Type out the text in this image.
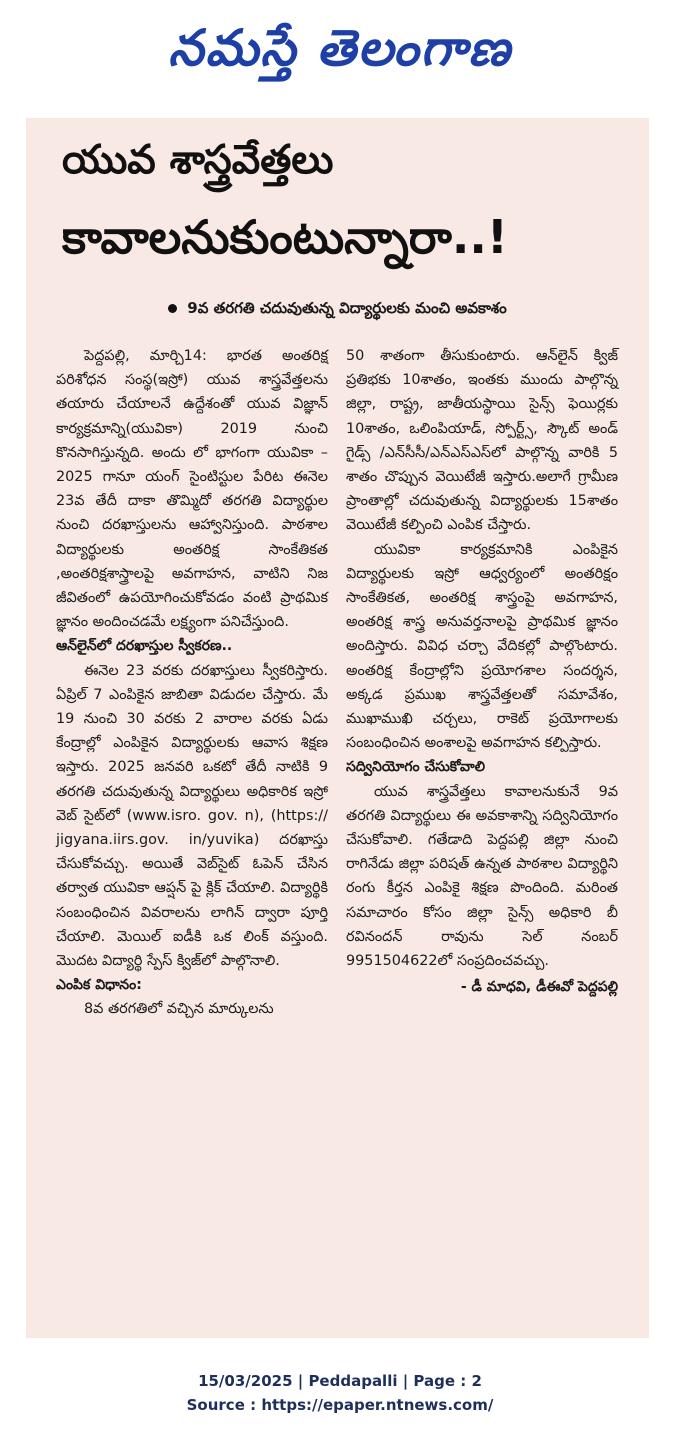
నమస్తే తెలంగాణ
యువ శాస్త్రవేత్తలు
కావాలనుకుంటున్నారా..!
9వ తరగతి చదువుతున్న విద్యార్థులకు మంచి అవకాశం

పెద్దపల్లి, మార్చి14: భారత అంతరిక్ష పరిశోధన సంస్థ(ఇస్రో) యువ శాస్త్రవేత్తలను తయారు చేయాలనే ఉద్దేశంతో యువ విజ్ఞాన్ కార్యక్రమాన్ని(యువికా) 2019 నుంచి కొనసాగిస్తున్నది. అందు లో భాగంగా యువికా – 2025 గానూ యంగ్ సైంటిస్టుల పేరిట ఈనెల 23వ తేదీ దాకా తొమ్మిదో తరగతి విద్యార్థుల నుంచి దరఖాస్తులను ఆహ్వానిస్తుంది. పాఠశాల విద్యార్థులకు అంతరిక్ష సాంకేతికత ,అంతరిక్షశాస్త్రాలపై అవగాహన, వాటిని నిజ జీవితంలో ఉపయోగించుకోవడం వంటి ప్రాథమిక జ్ఞానం అందించడమే లక్ష్యంగా పనిచేస్తుంది.

ఆన్‌లైన్‌లో దరఖాస్తుల స్వీకరణ..

ఈనెల 23 వరకు దరఖాస్తులు స్వీకరిస్తారు. ఏప్రిల్ 7 ఎంపికైన జాబితా విడుదల చేస్తారు. మే 19 నుంచి 30 వరకు 2 వారాల వరకు ఏడు కేంద్రాల్లో ఎంపికైన విద్యార్థులకు ఆవాస శిక్షణ ఇస్తారు. 2025 జనవరి ఒకటో తేదీ నాటికి 9 తరగతి చదువుతున్న విద్యార్థులు అధికారిక ఇస్రో వెబ్ సైట్‌లో (www.isro. gov. n), (https:// jigyana.iirs.gov. in/yuvika) దరఖాస్తు చేసుకోవచ్చు. అయితే వెబ్‌సైట్ ఓపెన్ చేసిన తర్వాత యువికా ఆప్షన్ పై క్లిక్ చేయాలి. విద్యార్థికి సంబంధించిన వివరాలను లాగిన్ ద్వారా పూర్తి చేయాలి. మెయిల్ ఐడీకి ఒక లింక్ వస్తుంది. మొదట విద్యార్థి స్పేస్ క్విజ్‌లో పాల్గొనాలి.

ఎంపిక విధానం:

8వ తరగతిలో వచ్చిన మార్కులను

50 శాతంగా తీసుకుంటారు. ఆన్‌లైన్ క్విజ్ ప్రతిభకు 10శాతం, ఇంతకు ముందు పాల్గొన్న జిల్లా, రాష్ట్ర, జాతీయస్థాయి సైన్స్ ఫెయిర్లకు 10శాతం, ఒలింపియాడ్, స్పోర్ట్స్, స్కౌట్ అండ్ గైడ్స్ /ఎన్‌సీసీ/ఎన్‌ఎస్‌ఎస్‌లో పాల్గొన్న వారికి 5 శాతం చొప్పున వెయిటేజీ ఇస్తారు.అలాగే గ్రామీణ ప్రాంతాల్లో చదువుతున్న విద్యార్థులకు 15శాతం వెయిటేజీ కల్పించి ఎంపిక చేస్తారు.

యువికా కార్యక్రమానికి ఎంపికైన విద్యార్థులకు ఇస్రో ఆధ్వర్యంలో అంతరిక్షం సాంకేతికత, అంతరిక్ష శాస్త్రంపై అవగాహన, అంతరిక్ష శాస్త్ర అనువర్తనాలపై ప్రాథమిక జ్ఞానం అందిస్తారు. వివిధ చర్చా వేదికల్లో పాల్గొంటారు. అంతరిక్ష కేంద్రాల్లోని ప్రయోగశాల సందర్శన, అక్కడ ప్రముఖ శాస్త్రవేత్తలతో సమావేశం, ముఖాముఖి చర్చలు, రాకెట్ ప్రయోగాలకు సంబంధించిన అంశాలపై అవగాహన కల్పిస్తారు.

సద్వినియోగం చేసుకోవాలి

యువ శాస్త్రవేత్తలు కావాలనుకునే 9వ తరగతి విద్యార్థులు ఈ అవకాశాన్ని సద్వినియోగం చేసుకోవాలి. గతేడాది పెద్దపల్లి జిల్లా నుంచి రాగినేడు జిల్లా పరిషత్ ఉన్నత పాఠశాల విద్యార్థిని రంగు కీర్తన ఎంపికై శిక్షణ పొందింది. మరింత సమాచారం కోసం జిల్లా సైన్స్ అధికారి బీ రవినందన్ రావును సెల్ నంబర్ 9951504622లో సంప్రదించవచ్చు.

- డీ మాధవి, డీఈవో పెద్దపల్లి

15/03/2025 | Peddapalli | Page : 2
Source : https://epaper.ntnews.com/
